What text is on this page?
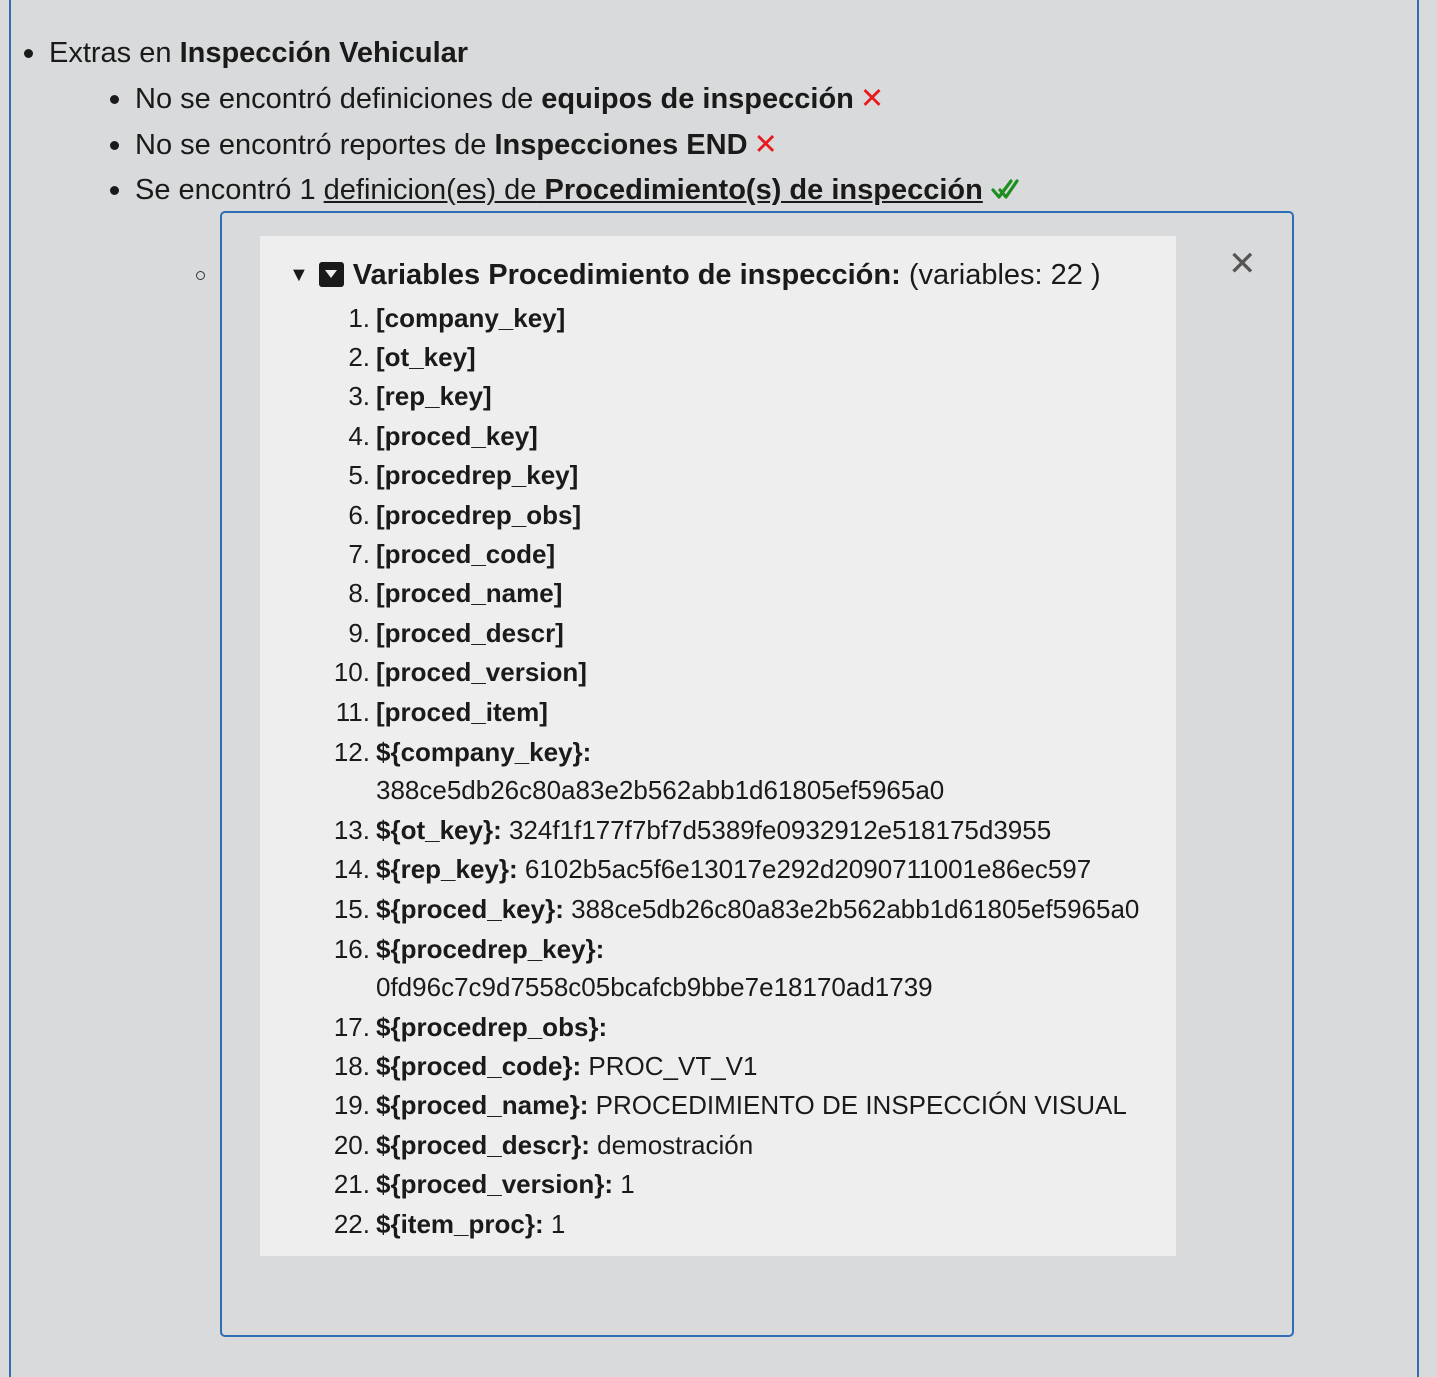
Extras en Inspección Vehicular
No se encontró definiciones de equipos de inspección ✕
No se encontró reportes de Inspecciones END ✕
Se encontró 1 definicion(es) de Procedimiento(s) de inspección
✕
▼ Variables Procedimiento de inspección: (variables: 22 )
1. [company_key]
2. [ot_key]
3. [rep_key]
4. [proced_key]
5. [procedrep_key]
6. [procedrep_obs]
7. [proced_code]
8. [proced_name]
9. [proced_descr]
10. [proced_version]
11. [proced_item]
12. ${company_key}: 388ce5db26c80a83e2b562abb1d61805ef5965a0
13. ${ot_key}: 324f1f177f7bf7d5389fe0932912e518175d3955
14. ${rep_key}: 6102b5ac5f6e13017e292d2090711001e86ec597
15. ${proced_key}: 388ce5db26c80a83e2b562abb1d61805ef5965a0
16. ${procedrep_key}: 0fd96c7c9d7558c05bcafcb9bbe7e18170ad1739
17. ${procedrep_obs}:
18. ${proced_code}: PROC_VT_V1
19. ${proced_name}: PROCEDIMIENTO DE INSPECCIÓN VISUAL
20. ${proced_descr}: demostración
21. ${proced_version}: 1
22. ${item_proc}: 1
